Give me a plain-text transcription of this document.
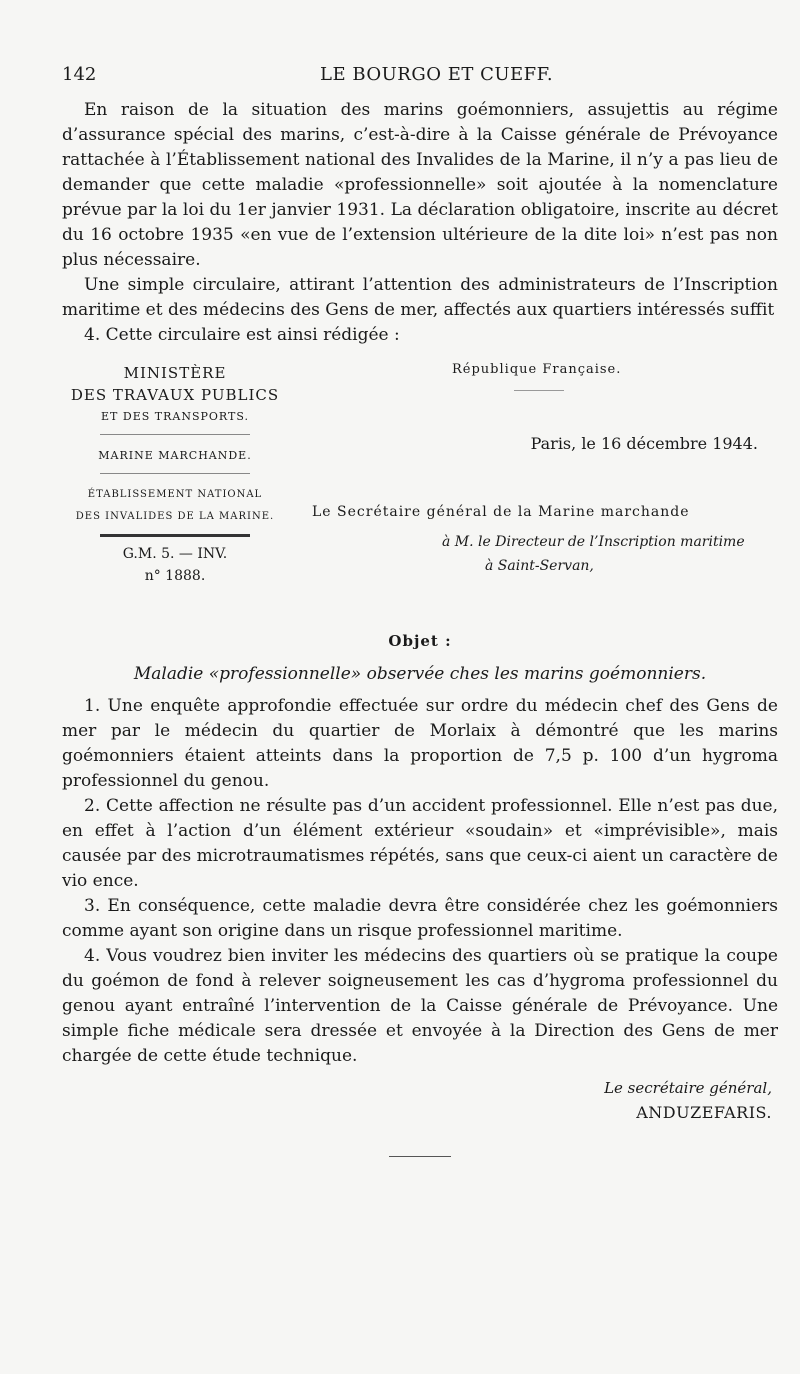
142	LE BOURGO ET CUEFF.

En raison de la situation des marins goémonniers, assujettis au régime d’assurance spécial des marins, c’est-à-dire à la Caisse générale de Prévoyance rattachée à l’Établissement national des Invalides de la Marine, il n’y a pas lieu de demander que cette maladie «professionnelle» soit ajoutée à la nomenclature prévue par la loi du 1er janvier 1931. La déclaration obligatoire, inscrite au décret du 16 octobre 1935 «en vue de l’extension ultérieure de la dite loi» n’est pas non plus nécessaire.

Une simple circulaire, attirant l’attention des administrateurs de l’Inscription maritime et des médecins des Gens de mer, affectés aux quartiers intéressés suffit

4. Cette circulaire est ainsi rédigée :

MINISTÈRE
DES TRAVAUX PUBLICS
ET DES TRANSPORTS.
MARINE MARCHANDE.
ÉTABLISSEMENT NATIONAL
DES INVALIDES DE LA MARINE.
G.M. 5. — INV.
n° 1888.
République Française.
Paris, le 16 décembre 1944.
Le Secrétaire général de la Marine marchande
à M. le Directeur de l’Inscription maritime
à Saint-Servan,
Objet :
Maladie «professionnelle» observée ches les marins goémonniers.

1. Une enquête approfondie effectuée sur ordre du médecin chef des Gens de mer par le médecin du quartier de Morlaix à démontré que les marins goémonniers étaient atteints dans la proportion de 7,5 p. 100 d’un hygroma professionnel du genou.

2. Cette affection ne résulte pas d’un accident professionnel. Elle n’est pas due, en effet à l’action d’un élément extérieur «soudain» et «imprévisible», mais causée par des microtraumatismes répétés, sans que ceux-ci aient un caractère de vio ence.

3. En conséquence, cette maladie devra être considérée chez les goémonniers comme ayant son origine dans un risque professionnel maritime.

4. Vous voudrez bien inviter les médecins des quartiers où se pratique la coupe du goémon de fond à relever soigneusement les cas d’hygroma professionnel du genou ayant entraîné l’intervention de la Caisse générale de Prévoyance. Une simple fiche médicale sera dressée et envoyée à la Direction des Gens de mer chargée de cette étude technique.

Le secrétaire général,
ANDUZEFARIS.
